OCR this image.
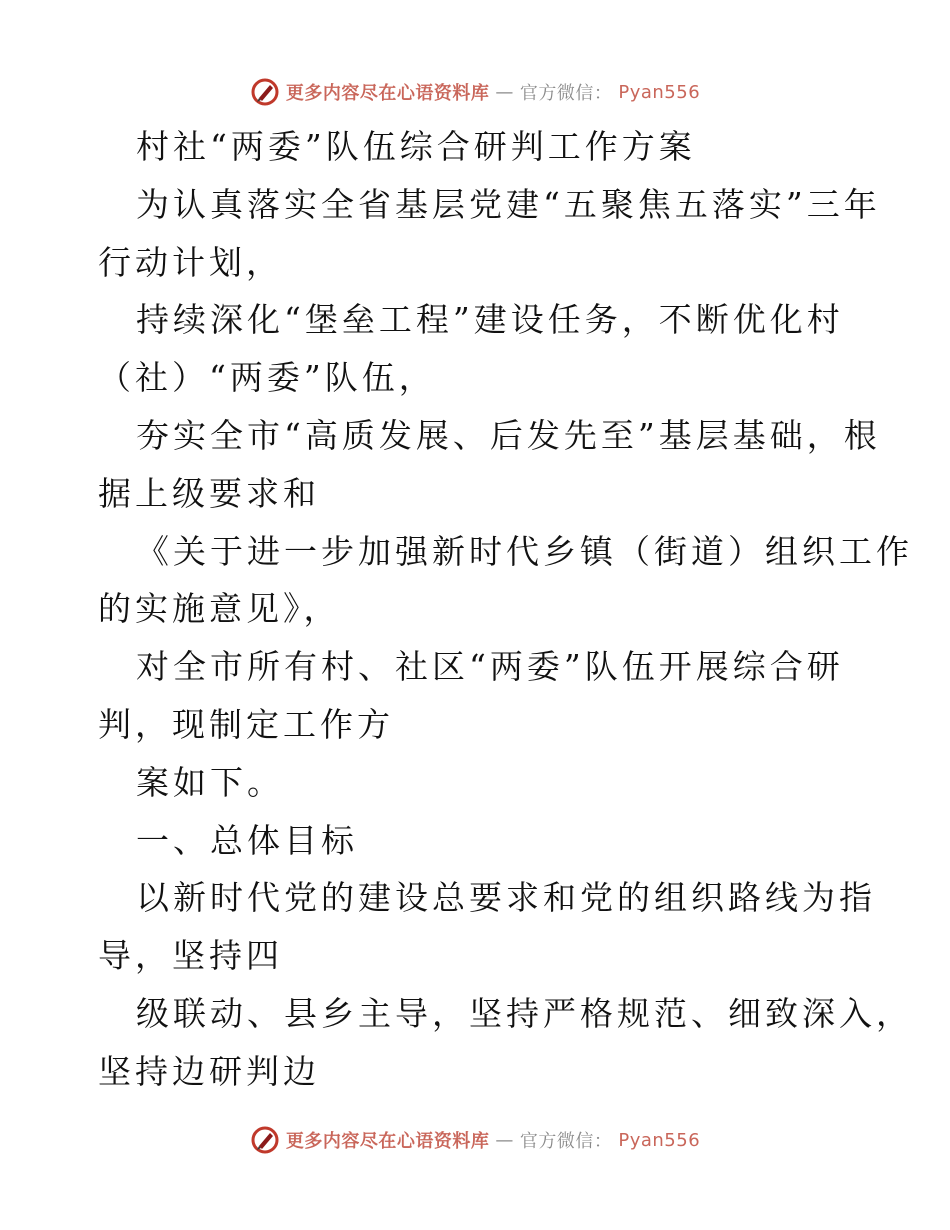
更多内容尽在心语资料库 — 官方微信： Pyan556

村社“两委”队伍综合研判工作方案

为认真落实全省基层党建“五聚焦五落实”三年

行动计划，

持续深化“堡垒工程”建设任务，不断优化村

（社）“两委”队伍，

夯实全市“高质发展、后发先至”基层基础，根

据上级要求和

《关于进一步加强新时代乡镇（街道）组织工作

的实施意见》，

对全市所有村、社区“两委”队伍开展综合研

判，现制定工作方

案如下。

一、总体目标

以新时代党的建设总要求和党的组织路线为指

导，坚持四

级联动、县乡主导，坚持严格规范、细致深入，

坚持边研判边

更多内容尽在心语资料库 — 官方微信： Pyan556
